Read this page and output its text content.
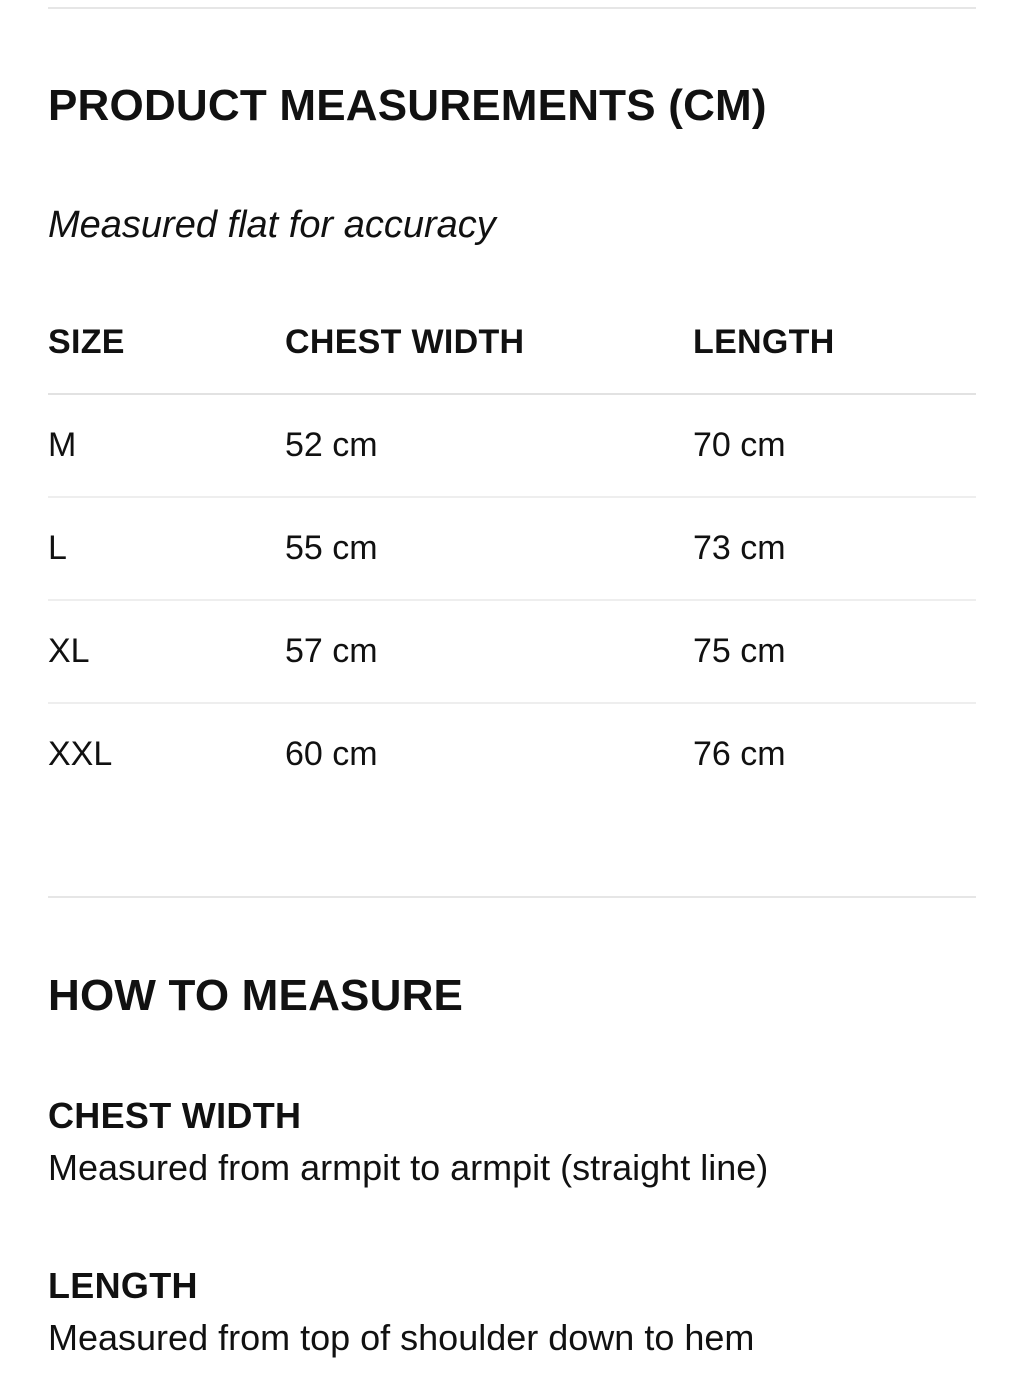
PRODUCT MEASUREMENTS (CM)

Measured flat for accuracy

SIZE	CHEST WIDTH	LENGTH
M	52 cm	70 cm
L	55 cm	73 cm
XL	57 cm	75 cm
XXL	60 cm	76 cm
HOW TO MEASURE
CHEST WIDTH

Measured from armpit to armpit (straight line)

LENGTH

Measured from top of shoulder down to hem
